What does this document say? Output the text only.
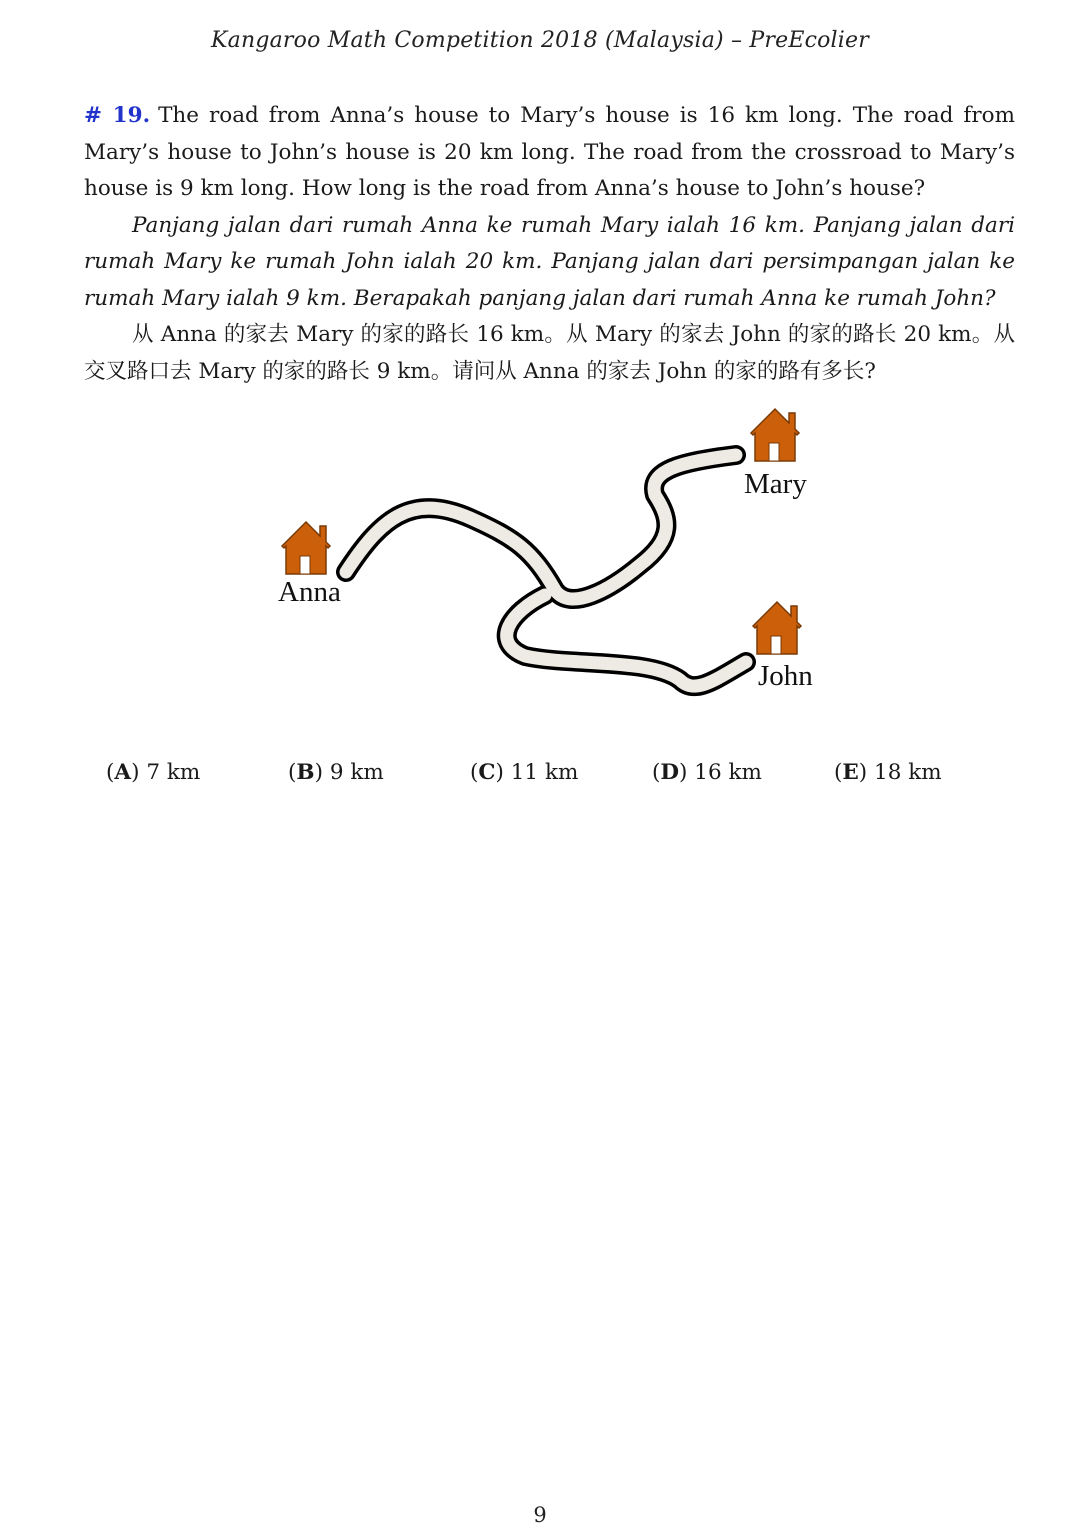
Kangaroo Math Competition 2018 (Malaysia) – PreEcolier

# 19. The road from Anna’s house to Mary’s house is 16 km long. The road from Mary’s house to John’s house is 20 km long. The road from the crossroad to Mary’s house is 9 km long. How long is the road from Anna’s house to John’s house?

Panjang jalan dari rumah Anna ke rumah Mary ialah 16 km. Panjang jalan dari rumah Mary ke rumah John ialah 20 km. Panjang jalan dari persimpangan jalan ke rumah Mary ialah 9 km. Berapakah panjang jalan dari rumah Anna ke rumah John?

从 Anna 的家去 Mary 的家的路长 16 km。从 Mary 的家去 John 的家的路长 20 km。从交叉路口去 Mary 的家的路长 9 km。请问从 Anna 的家去 John 的家的路有多长?

Anna
Mary
John
(A) 7 km	(B) 9 km	(C) 11 km	(D) 16 km	(E) 18 km
9
